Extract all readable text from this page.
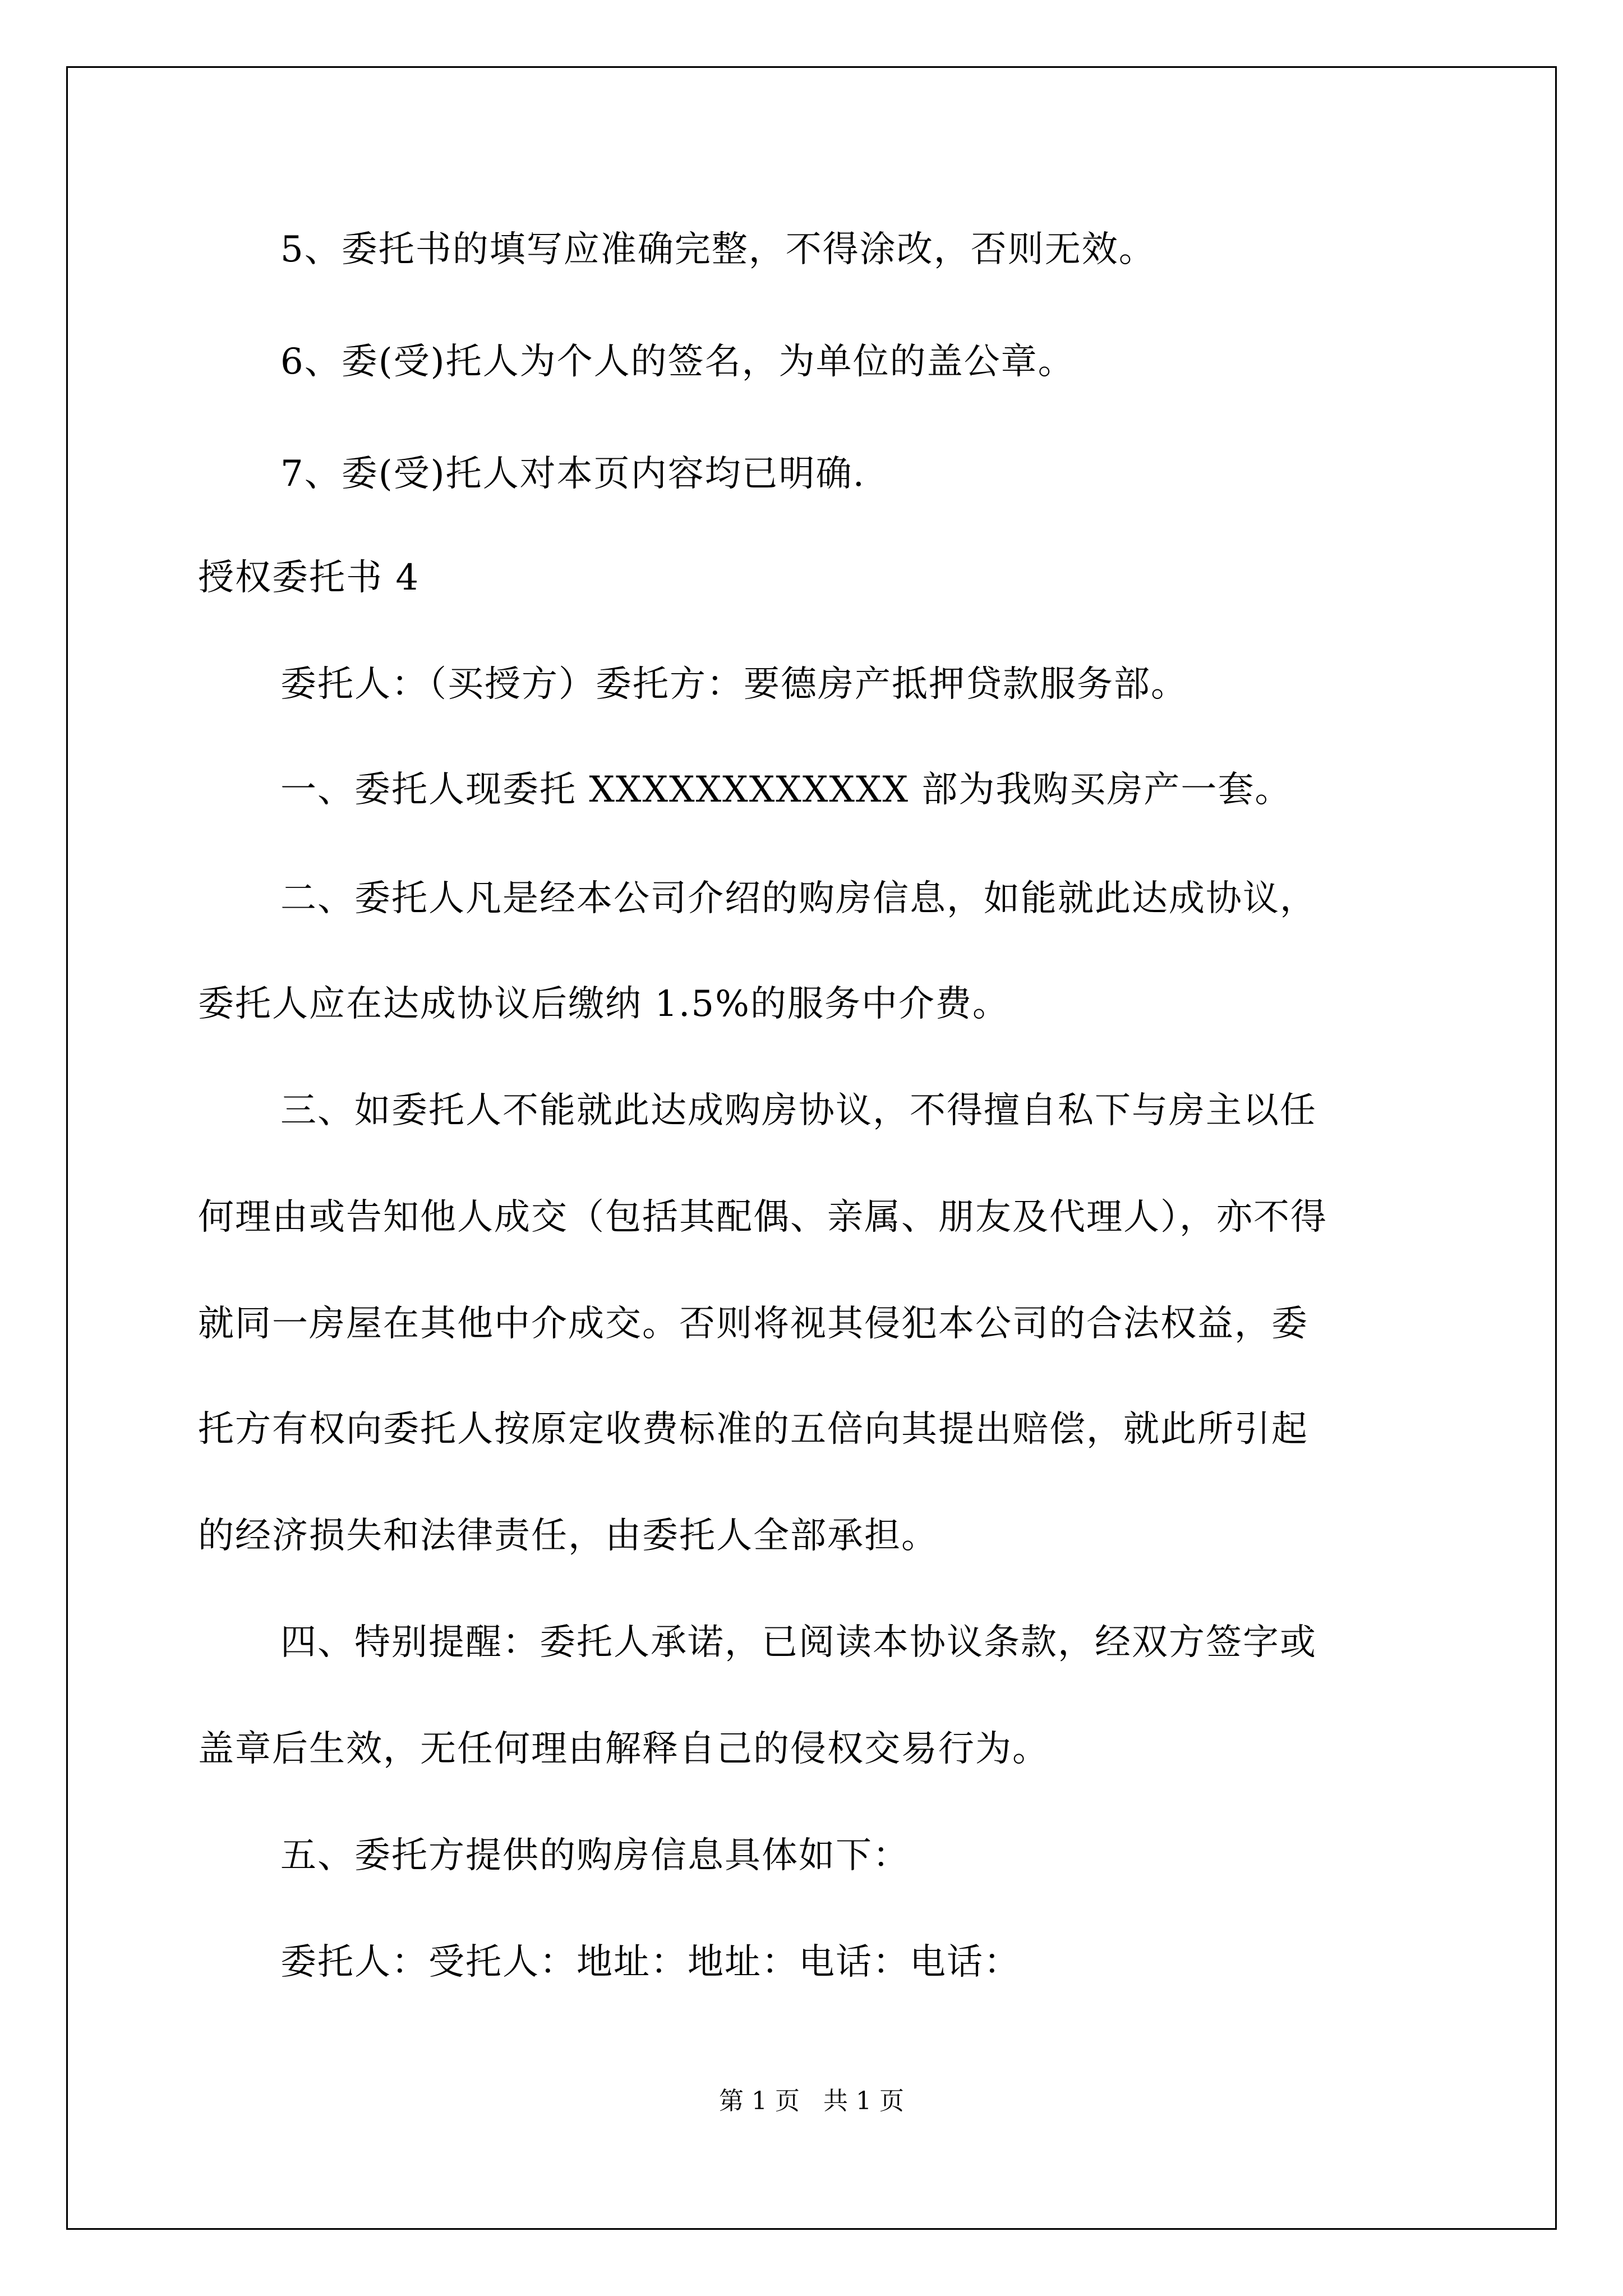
5、委托书的填写应准确完整，不得涂改，否则无效。
6、委(受)托人为个人的签名，为单位的盖公章。
7、委(受)托人对本页内容均已明确.
授权委托书 4
委托人：（买授方）委托方：要德房产抵押贷款服务部。
一、委托人现委托 XXXXXXXXXXXX 部为我购买房产一套。
二、委托人凡是经本公司介绍的购房信息，如能就此达成协议，
委托人应在达成协议后缴纳 1.5%的服务中介费。
三、如委托人不能就此达成购房协议，不得擅自私下与房主以任
何理由或告知他人成交（包括其配偶、亲属、朋友及代理人），亦不得
就同一房屋在其他中介成交。否则将视其侵犯本公司的合法权益，委
托方有权向委托人按原定收费标准的五倍向其提出赔偿，就此所引起
的经济损失和法律责任，由委托人全部承担。
四、特别提醒：委托人承诺，已阅读本协议条款，经双方签字或
盖章后生效，无任何理由解释自己的侵权交易行为。
五、委托方提供的购房信息具体如下：
委托人：受托人：地址：地址：电话：电话：
第 1 页   共 1 页
